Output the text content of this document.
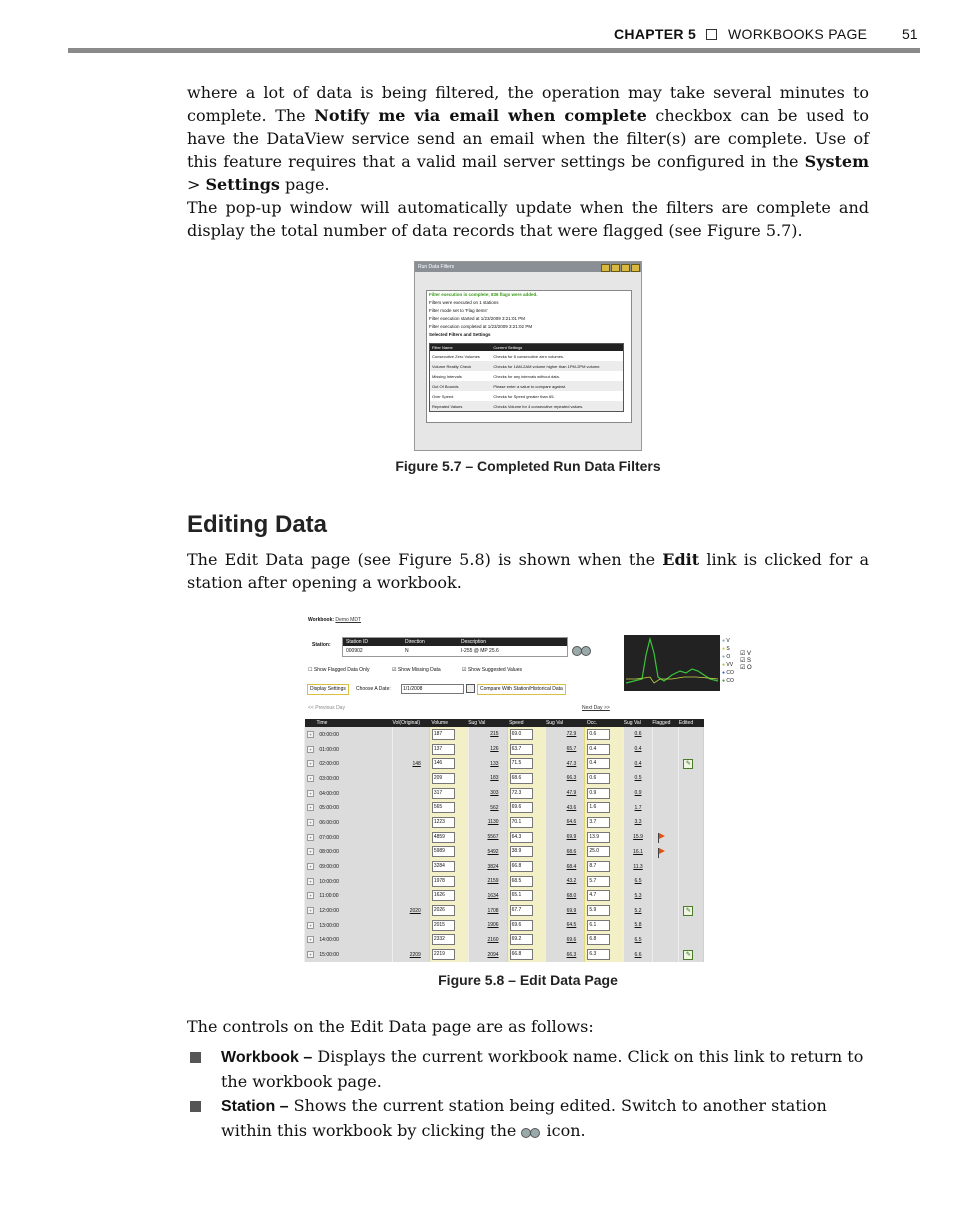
CHAPTER 5 WORKBOOKS PAGE 51
where a lot of data is being filtered, the operation may take several minutes to complete. The Notify me via email when complete checkbox can be used to have the DataView service send an email when the filter(s) are complete. Use of this feature requires that a valid mail server settings be configured in the System > Settings page.
The pop-up window will automatically update when the filters are complete and display the total number of data records that were flagged (see Figure 5.7).
Run Data Filters
Filter execution is complete; 836 flags were added.
Filters were executed on 1 stations
Filter mode set to 'Flag items'
Filter execution started at 1/23/2009 3:21:01 PM
Filter execution completed at 1/23/2009 3:21:02 PM
Selected Filters and Settings
Filter Name	Current Settings
Consecutive Zero Volumes	Checks for 8 consecutive zero volumes.
Volume Reality Check	Checks for 1AM-2AM volume higher than 1PM-2PM volume.
Missing Intervals	Checks for any intervals without data.
Out Of Bounds	Please enter a value to compare against.
Over Speed	Checks for Speed greater than 65.
Repeated Values	Checks Volume for 4 consecutive repeated values.
Figure 5.7 – Completed Run Data Filters
Editing Data
The Edit Data page (see Figure 5.8) is shown when the Edit link is clicked for a station after opening a workbook.
Workbook: Demo MDT
Station:	Station ID	Direction	Description
000902	N	I-255 @ MP 25.6
☐ Show Flagged Data Only	☑ Show Missing Data	☑ Show Suggested Values
Display Settings	Choose A Date:	1/1/2008	Compare With Station/Historical Data
<< Previous Day	Next Day >>
● V
● S
● O
● VV
● CO
● CO
☑ V
☑ S
☑ O
Time	Vol(Original)	Volume	Sug Val	Speed	Sug Val	Occ.	Sug Val	Flagged	Edited
+ 00:00:00		187	215	69.0	72.9	0.6	0.6		
+ 01:00:00		137	126	63.7	65.7	0.4	0.4		
+ 02:00:00	148	146	133	71.5	47.3	0.4	0.4		✎
+ 03:00:00		209	183	68.6	66.3	0.6	0.5		
+ 04:00:00		317	303	72.3	47.9	0.9	0.9		
+ 05:00:00		565	562	69.6	43.6	1.6	1.7		
+ 06:00:00		1223	1130	70.1	64.6	3.7	3.3		
+ 07:00:00		4859	5567	64.3	69.9	13.9	15.9		
+ 08:00:00		5989	5492	38.9	68.6	25.0	16.1		
+ 09:00:00		3284	3824	66.8	68.4	8.7	11.3		
+ 10:00:00		1978	2159	68.5	43.2	5.7	6.5		
+ 11:00:00		1626	1634	65.1	68.0	4.7	5.3		
+ 12:00:00	2020	2026	1708	67.7	69.9	5.9	5.2		✎
+ 13:00:00		2015	1906	69.6	64.5	6.1	5.8		
+ 14:00:00		2332	2160	69.2	69.6	6.8	6.5		
+ 15:00:00	2209	2219	2094	66.8	66.3	6.3	6.6		✎
Figure 5.8 – Edit Data Page
The controls on the Edit Data page are as follows:
Workbook – Displays the current workbook name. Click on this link to return to the workbook page.
Station – Shows the current station being edited. Switch to another station within this workbook by clicking the
icon.
